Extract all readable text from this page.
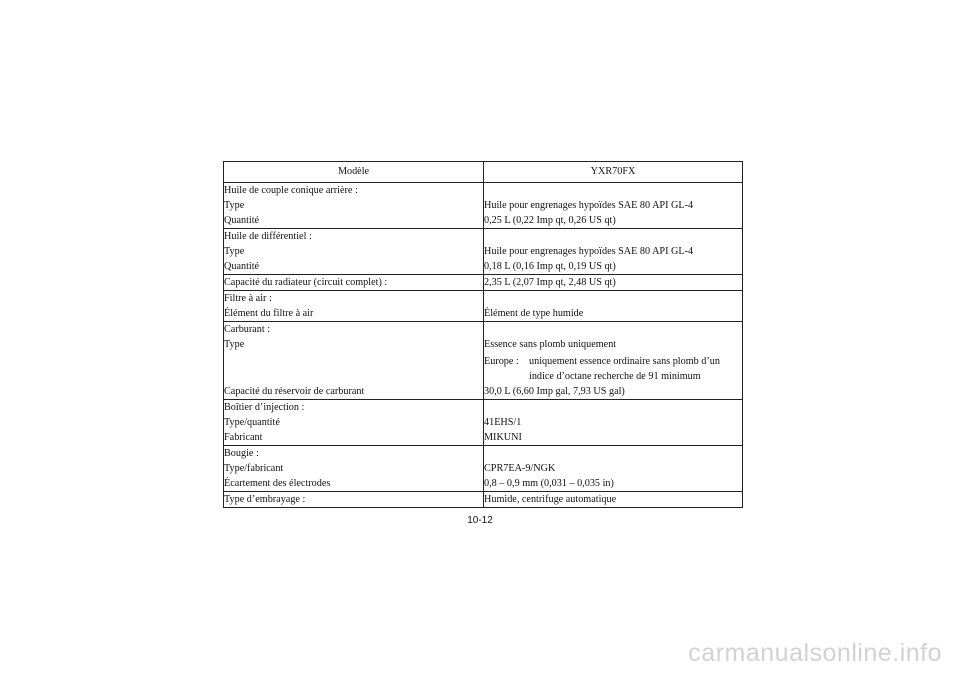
Modèle	YXR70FX
Huile de couple conique arrière :	
Type	Huile pour engrenages hypoïdes SAE 80 API GL-4
Quantité	0,25 L (0,22 Imp qt, 0,26 US qt)
Huile de différentiel :	
Type	Huile pour engrenages hypoïdes SAE 80 API GL-4
Quantité	0,18 L (0,16 Imp qt, 0,19 US qt)
Capacité du radiateur (circuit complet) :	2,35 L (2,07 Imp qt, 2,48 US qt)
Filtre à air :	
Élément du filtre à air	Élément de type humide
Carburant :	
Type	Essence sans plomb uniquement

	Europe : uniquement essence ordinaire sans plomb d’un indice d’octane recherche de 91 minimum

Capacité du réservoir de carburant	30,0 L (6,60 Imp gal, 7,93 US gal)
Boîtier d’injection :	
Type/quantité	41EHS/1
Fabricant	MIKUNI
Bougie :	
Type/fabricant	CPR7EA-9/NGK
Écartement des électrodes	0,8 – 0,9 mm (0,031 – 0,035 in)
Type d’embrayage :	Humide, centrifuge automatique
10-12
carmanualsonline.info
